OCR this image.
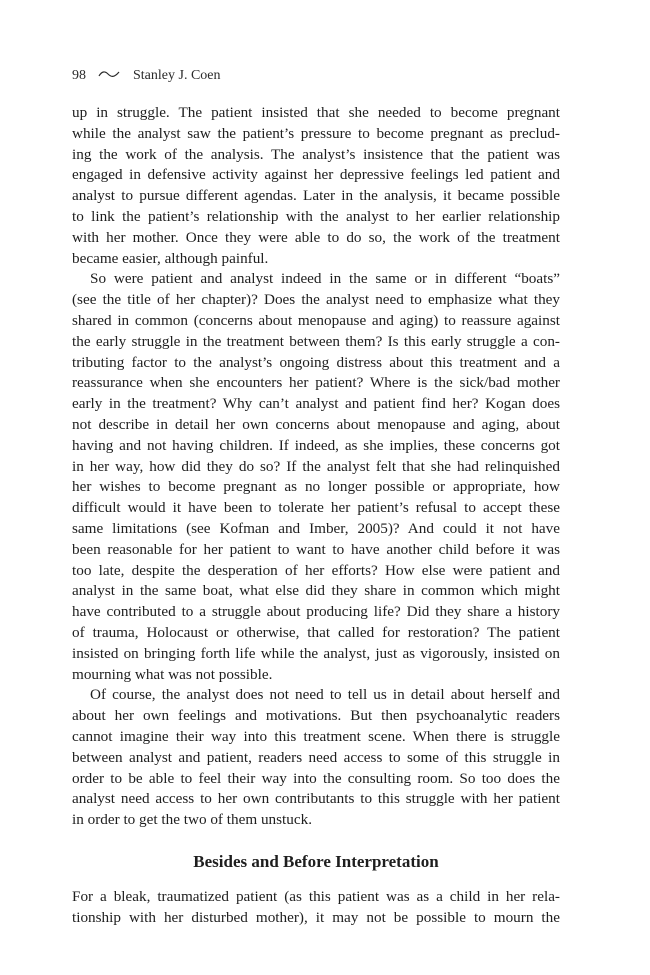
98	Stanley J. Coen
up in struggle. The patient insisted that she needed to become pregnant
while the analyst saw the patient’s pressure to become pregnant as preclud-
ing the work of the analysis. The analyst’s insistence that the patient was
engaged in defensive activity against her depressive feelings led patient and
analyst to pursue different agendas. Later in the analysis, it became possible
to link the patient’s relationship with the analyst to her earlier relationship
with her mother. Once they were able to do so, the work of the treatment
became easier, although painful.
So were patient and analyst indeed in the same or in different “boats”
(see the title of her chapter)? Does the analyst need to emphasize what they
shared in common (concerns about menopause and aging) to reassure against
the early struggle in the treatment between them? Is this early struggle a con-
tributing factor to the analyst’s ongoing distress about this treatment and a
reassurance when she encounters her patient? Where is the sick/bad mother
early in the treatment? Why can’t analyst and patient find her? Kogan does
not describe in detail her own concerns about menopause and aging, about
having and not having children. If indeed, as she implies, these concerns got
in her way, how did they do so? If the analyst felt that she had relinquished
her wishes to become pregnant as no longer possible or appropriate, how
difficult would it have been to tolerate her patient’s refusal to accept these
same limitations (see Kofman and Imber, 2005)? And could it not have
been reasonable for her patient to want to have another child before it was
too late, despite the desperation of her efforts? How else were patient and
analyst in the same boat, what else did they share in common which might
have contributed to a struggle about producing life? Did they share a history
of trauma, Holocaust or otherwise, that called for restoration? The patient
insisted on bringing forth life while the analyst, just as vigorously, insisted on
mourning what was not possible.
Of course, the analyst does not need to tell us in detail about herself and
about her own feelings and motivations. But then psychoanalytic readers
cannot imagine their way into this treatment scene. When there is struggle
between analyst and patient, readers need access to some of this struggle in
order to be able to feel their way into the consulting room. So too does the
analyst need access to her own contributants to this struggle with her patient
in order to get the two of them unstuck.
Besides and Before Interpretation
For a bleak, traumatized patient (as this patient was as a child in her rela-
tionship with her disturbed mother), it may not be possible to mourn the
